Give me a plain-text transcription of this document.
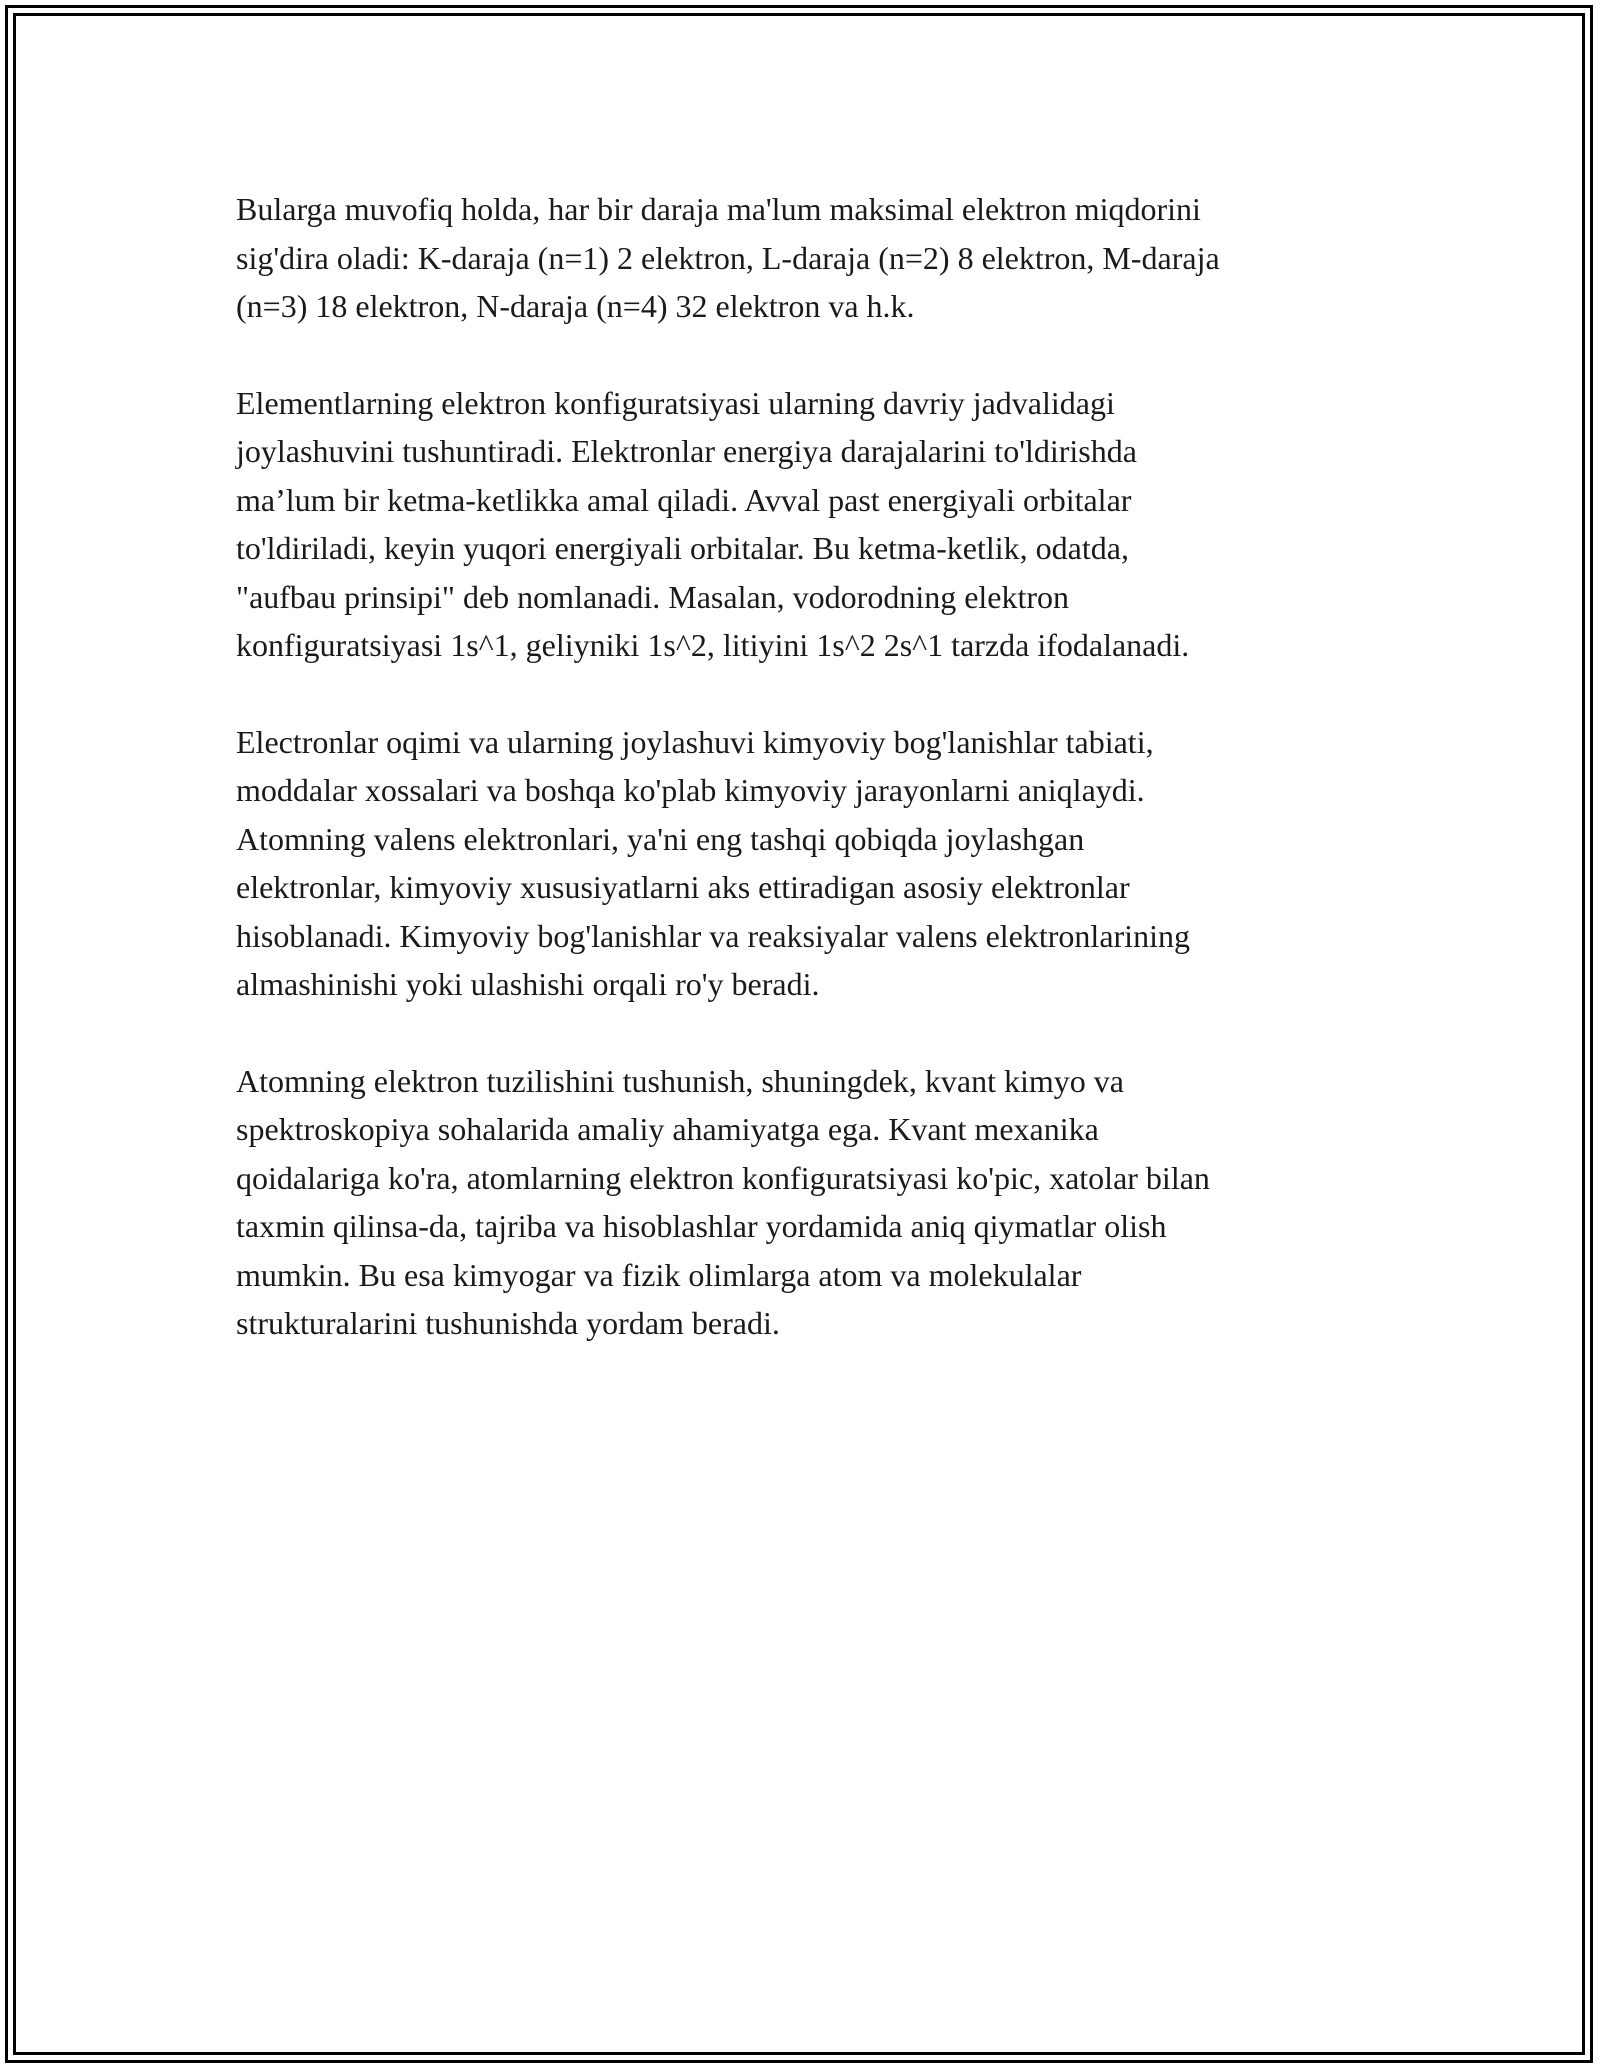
Bularga muvofiq holda, har bir daraja ma'lum maksimal elektron miqdorini
sig'dira oladi: K-daraja (n=1) 2 elektron, L-daraja (n=2) 8 elektron, M-daraja
(n=3) 18 elektron, N-daraja (n=4) 32 elektron va h.k.

Elementlarning elektron konfiguratsiyasi ularning davriy jadvalidagi
joylashuvini tushuntiradi. Elektronlar energiya darajalarini to'ldirishda
ma’lum bir ketma-ketlikka amal qiladi. Avval past energiyali orbitalar
to'ldiriladi, keyin yuqori energiyali orbitalar. Bu ketma-ketlik, odatda,
"aufbau prinsipi" deb nomlanadi. Masalan, vodorodning elektron
konfiguratsiyasi 1s^1, geliyniki 1s^2, litiyini 1s^2 2s^1 tarzda ifodalanadi.

Electronlar oqimi va ularning joylashuvi kimyoviy bog'lanishlar tabiati,
moddalar xossalari va boshqa ko'plab kimyoviy jarayonlarni aniqlaydi.
Atomning valens elektronlari, ya'ni eng tashqi qobiqda joylashgan
elektronlar, kimyoviy xususiyatlarni aks ettiradigan asosiy elektronlar
hisoblanadi. Kimyoviy bog'lanishlar va reaksiyalar valens elektronlarining
almashinishi yoki ulashishi orqali ro'y beradi.

Atomning elektron tuzilishini tushunish, shuningdek, kvant kimyo va
spektroskopiya sohalarida amaliy ahamiyatga ega. Kvant mexanika
qoidalariga ko'ra, atomlarning elektron konfiguratsiyasi ko'pic, xatolar bilan
taxmin qilinsa-da, tajriba va hisoblashlar yordamida aniq qiymatlar olish
mumkin. Bu esa kimyogar va fizik olimlarga atom va molekulalar
strukturalarini tushunishda yordam beradi.
